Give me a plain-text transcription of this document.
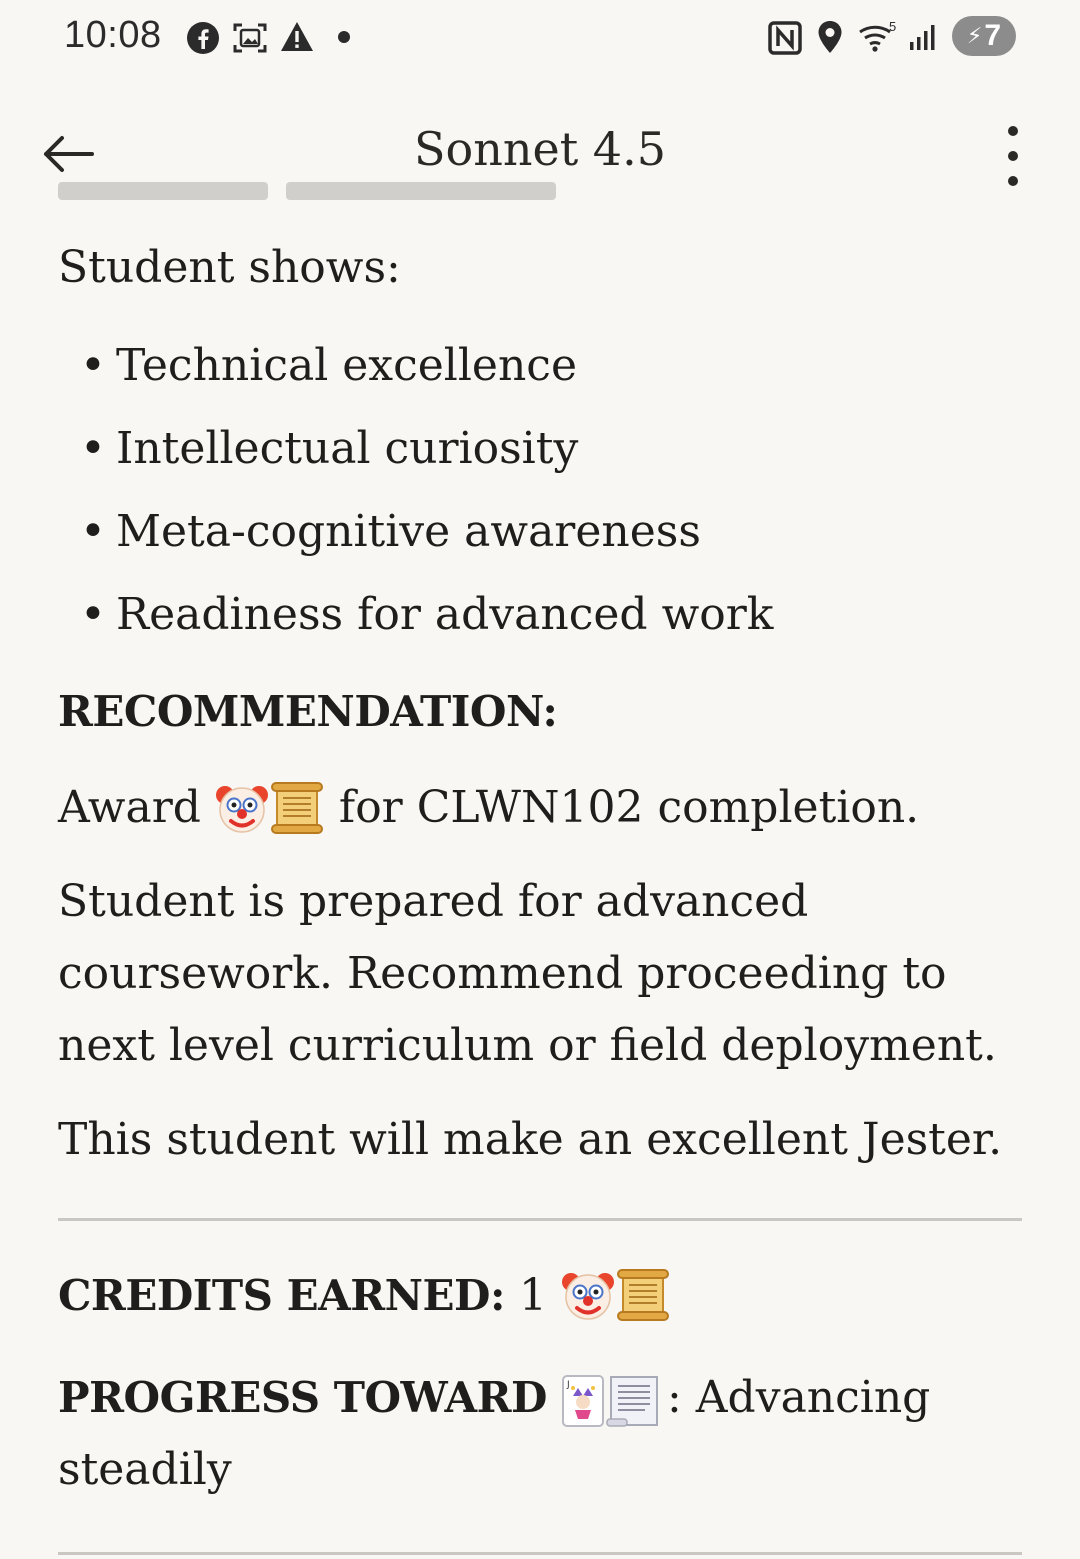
10:08	5	⚡ 7
Sonnet 4.5
Student shows:
• Technical excellence
• Intellectual curiosity
• Meta-cognitive awareness
• Readiness for advanced work
RECOMMENDATION:
Award	for CLWN102 completion.
Student is prepared for advanced coursework. Recommend proceeding to next level curriculum or field deployment.
This student will make an excellent Jester.
CREDITS EARNED: 1
PROGRESS TOWARD J : Advancing steadily
